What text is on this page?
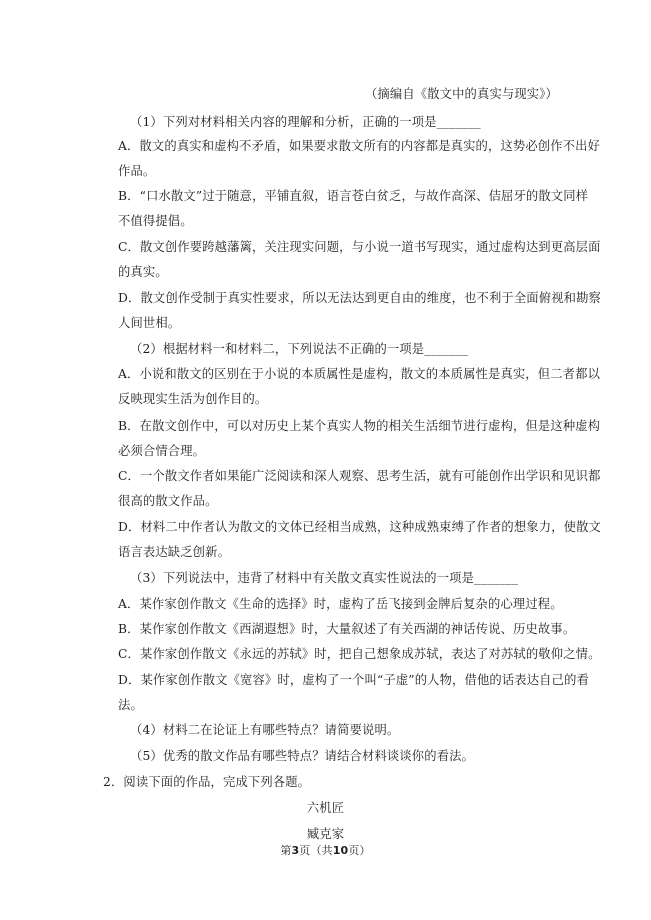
（摘编自《散文中的真实与现实》）
（1）下列对材料相关内容的理解和分析，正确的一项是_______
A．散文的真实和虚构不矛盾，如果要求散文所有的内容都是真实的，这势必创作不出好
作品。
B．“口水散文”过于随意，平铺直叙，语言苍白贫乏，与故作高深、佶屈牙的散文同样
不值得提倡。
C．散文创作要跨越藩篱，关注现实问题，与小说一道书写现实，通过虚构达到更高层面
的真实。
D．散文创作受制于真实性要求，所以无法达到更自由的维度，也不利于全面俯视和勘察
人间世相。
（2）根据材料一和材料二，下列说法不正确的一项是_______
A．小说和散文的区别在于小说的本质属性是虚构，散文的本质属性是真实，但二者都以
反映现实生活为创作目的。
B．在散文创作中，可以对历史上某个真实人物的相关生活细节进行虚构，但是这种虚构
必须合情合理。
C．一个散文作者如果能广泛阅读和深人观察、思考生活，就有可能创作出学识和见识都
很高的散文作品。
D．材料二中作者认为散文的文体已经相当成熟，这种成熟束缚了作者的想象力，使散文
语言表达缺乏创新。
（3）下列说法中，违背了材料中有关散文真实性说法的一项是_______
A．某作家创作散文《生命的选择》时，虚构了岳飞接到金牌后复杂的心理过程。
B．某作家创作散文《西湖遐想》时，大量叙述了有关西湖的神话传说、历史故事。
C．某作家创作散文《永远的苏轼》时，把自己想象成苏轼，表达了对苏轼的敬仰之情。
D．某作家创作散文《宽容》时，虚构了一个叫“子虚”的人物，借他的话表达自己的看
法。
（4）材料二在论证上有哪些特点？请简要说明。
（5）优秀的散文作品有哪些特点？请结合材料谈谈你的看法。
2．阅读下面的作品，完成下列各题。
六机匠
臧克家
第3页（共10页）
